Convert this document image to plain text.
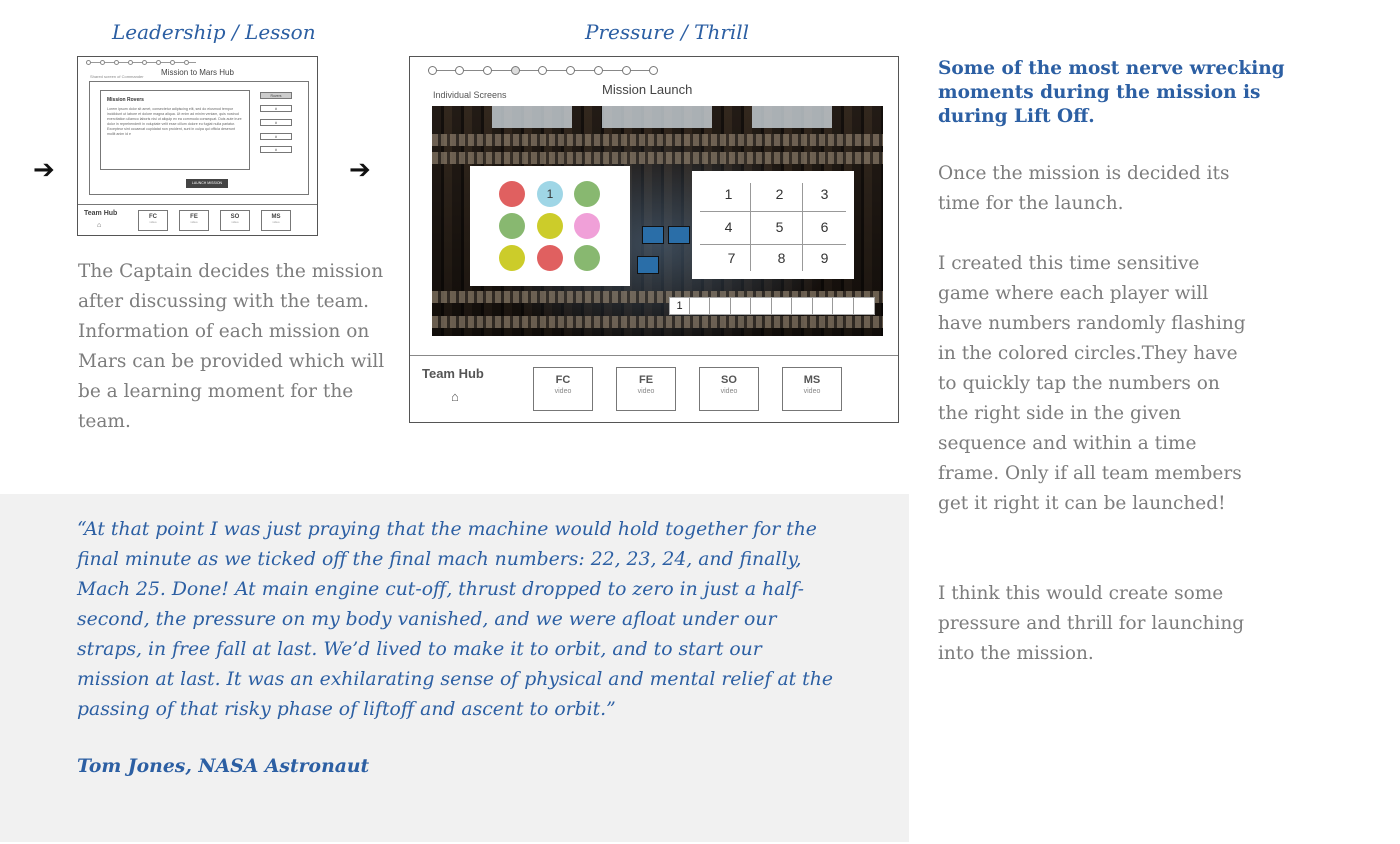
Leadership / Lesson	Pressure / Thrill
➔	➔
Shared screen of Commander	Mission to Mars Hub
Mission Rovers
Lorem ipsum dolor sit amet, consectetur adipiscing elit, sed do eiusmod tempor incididunt ut labore et dolore magna aliqua. Ut enim ad minim veniam, quis nostrud exercitation ullamco laboris nisi ut aliquip ex ea commodo consequat. Duis aute irure dolor in reprehenderit in voluptate velit esse cillum dolore eu fugiat nulla pariatur. Excepteur sint occaecat cupidatat non proident, sunt in culpa qui officia deserunt mollit anim id e
Rovers
#
#
#
#
LAUNCH MISSION
Team Hub
⌂
FC
video
FE
video
SO
video
MS
video
Individual Screens	Mission Launch
1	1	2	3
4	5	6
7	8	9
1
Team Hub
⌂
FC
video
FE
video
SO
video
MS
video
The Captain decides the mission after discussing with the team. Information of each mission on Mars can be provided which will be a learning moment for the team.
Some of the most nerve wrecking moments during the mission is during Lift Off.
Once the mission is decided its time for the launch.
I created this time sensitive game where each player will have numbers randomly flashing in the colored circles.They have to quickly tap the numbers on the right side in the given sequence and within a time frame. Only if all team members get it right it can be launched!
I think this would create some pressure and thrill for launching into the mission.
“At that point I was just praying that the machine would hold together for the final minute as we ticked off the final mach numbers: 22, 23, 24, and finally, Mach 25. Done! At main engine cut-off, thrust dropped to zero in just a half-second, the pressure on my body vanished, and we were afloat under our straps, in free fall at last. We’d lived to make it to orbit, and to start our mission at last. It was an exhilarating sense of physical and mental relief at the passing of that risky phase of liftoff and ascent to orbit.”
Tom Jones, NASA Astronaut
